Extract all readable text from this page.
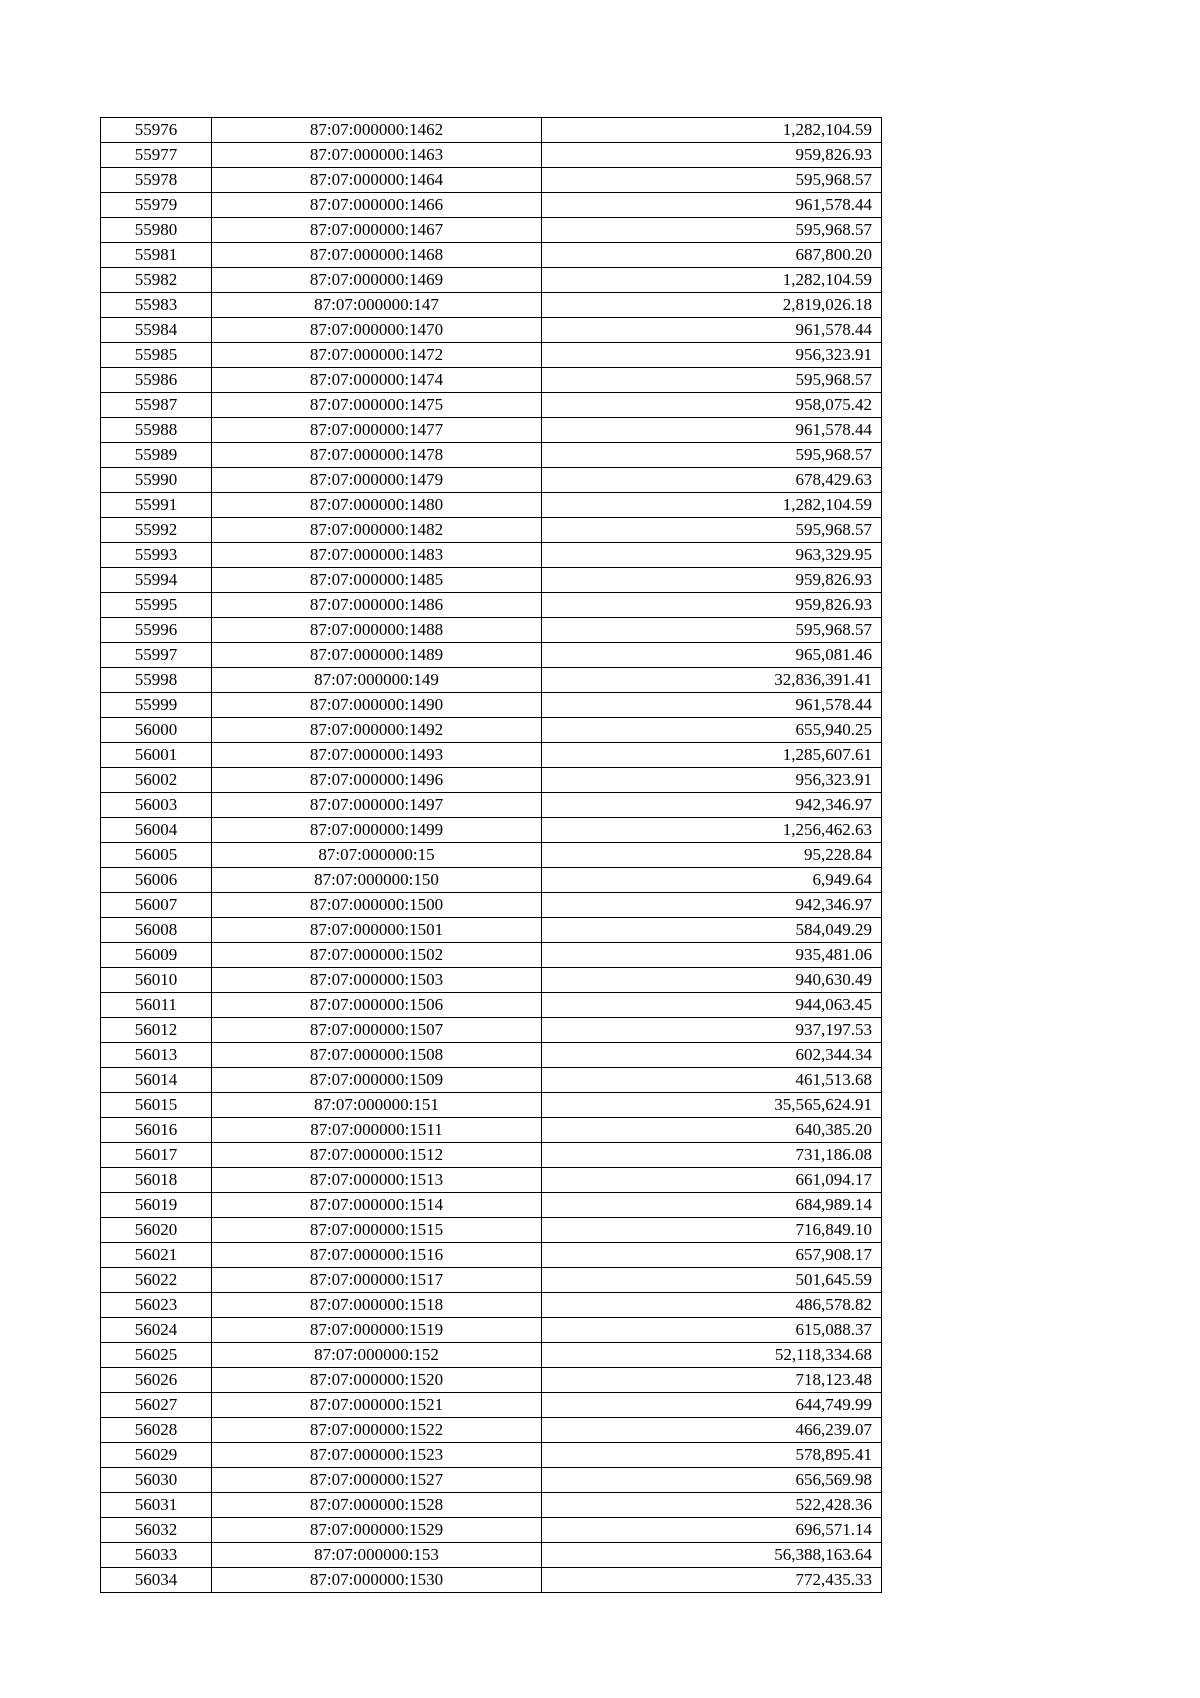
55976	87:07:000000:1462	1,282,104.59
55977	87:07:000000:1463	959,826.93
55978	87:07:000000:1464	595,968.57
55979	87:07:000000:1466	961,578.44
55980	87:07:000000:1467	595,968.57
55981	87:07:000000:1468	687,800.20
55982	87:07:000000:1469	1,282,104.59
55983	87:07:000000:147	2,819,026.18
55984	87:07:000000:1470	961,578.44
55985	87:07:000000:1472	956,323.91
55986	87:07:000000:1474	595,968.57
55987	87:07:000000:1475	958,075.42
55988	87:07:000000:1477	961,578.44
55989	87:07:000000:1478	595,968.57
55990	87:07:000000:1479	678,429.63
55991	87:07:000000:1480	1,282,104.59
55992	87:07:000000:1482	595,968.57
55993	87:07:000000:1483	963,329.95
55994	87:07:000000:1485	959,826.93
55995	87:07:000000:1486	959,826.93
55996	87:07:000000:1488	595,968.57
55997	87:07:000000:1489	965,081.46
55998	87:07:000000:149	32,836,391.41
55999	87:07:000000:1490	961,578.44
56000	87:07:000000:1492	655,940.25
56001	87:07:000000:1493	1,285,607.61
56002	87:07:000000:1496	956,323.91
56003	87:07:000000:1497	942,346.97
56004	87:07:000000:1499	1,256,462.63
56005	87:07:000000:15	95,228.84
56006	87:07:000000:150	6,949.64
56007	87:07:000000:1500	942,346.97
56008	87:07:000000:1501	584,049.29
56009	87:07:000000:1502	935,481.06
56010	87:07:000000:1503	940,630.49
56011	87:07:000000:1506	944,063.45
56012	87:07:000000:1507	937,197.53
56013	87:07:000000:1508	602,344.34
56014	87:07:000000:1509	461,513.68
56015	87:07:000000:151	35,565,624.91
56016	87:07:000000:1511	640,385.20
56017	87:07:000000:1512	731,186.08
56018	87:07:000000:1513	661,094.17
56019	87:07:000000:1514	684,989.14
56020	87:07:000000:1515	716,849.10
56021	87:07:000000:1516	657,908.17
56022	87:07:000000:1517	501,645.59
56023	87:07:000000:1518	486,578.82
56024	87:07:000000:1519	615,088.37
56025	87:07:000000:152	52,118,334.68
56026	87:07:000000:1520	718,123.48
56027	87:07:000000:1521	644,749.99
56028	87:07:000000:1522	466,239.07
56029	87:07:000000:1523	578,895.41
56030	87:07:000000:1527	656,569.98
56031	87:07:000000:1528	522,428.36
56032	87:07:000000:1529	696,571.14
56033	87:07:000000:153	56,388,163.64
56034	87:07:000000:1530	772,435.33
